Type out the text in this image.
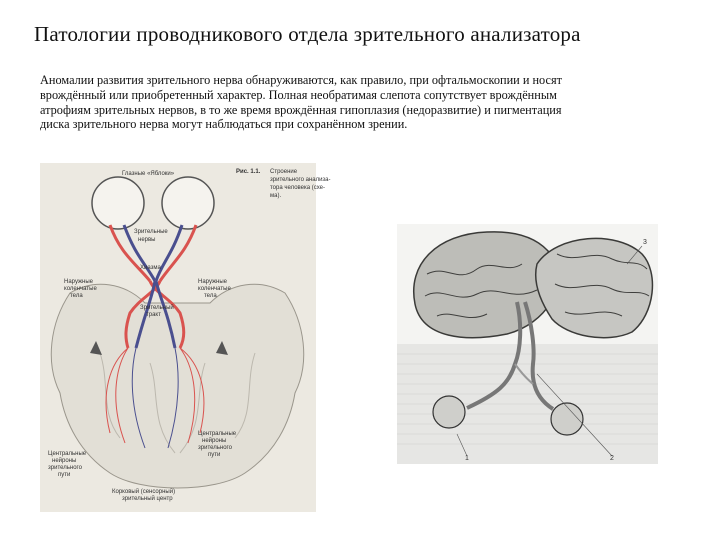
Патологии проводникового отдела зрительного анализатора
Аномалии развития зрительного нерва обнаруживаются, как правило, при офтальмоскопии и носят
врождённый или приобретенный характер. Полная необратимая слепота сопутствует врождённым
атрофиям зрительных нервов, в то же время врождённая гипоплазия (недоразвитие) и пигментация
диска зрительного нерва могут наблюдаться при сохранённом зрении.
Глазные «Яблоки»
Зрительные
нервы
Хиазма
Наружные
коленчатые
тела
Наружные
коленчатые
тела
Зрительный
тракт
Центральные
нейроны
зрительного
пути
Центральные
нейроны
зрительного
пути
Корковый (сенсорный)
зрительный центр
Рис. 1.1. Строение
зрительного анализа-
тора человека (схе-
ма).
1	2
3
